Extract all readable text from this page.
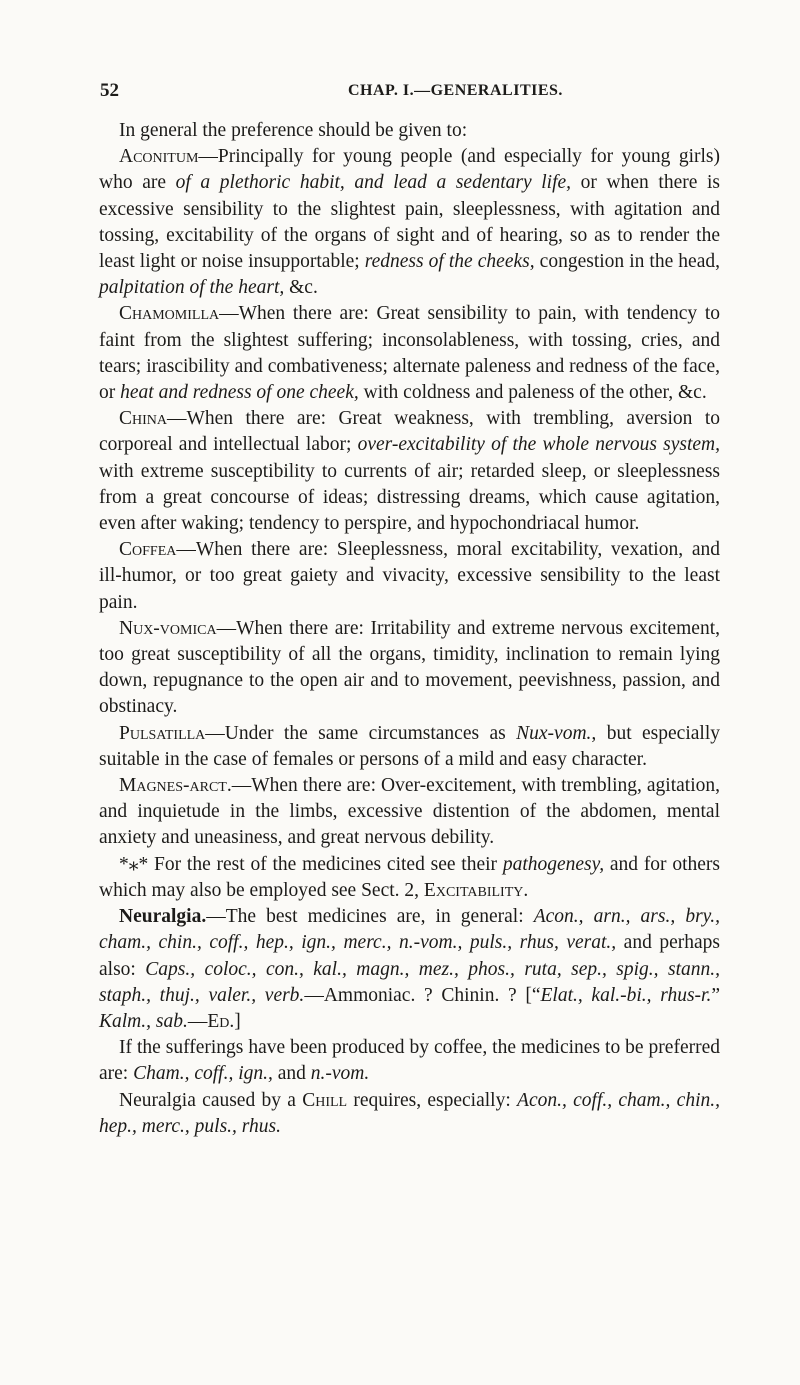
52	CHAP. I.—GENERALITIES.

In general the preference should be given to:

Aconitum—Principally for young people (and especially for young girls) who are of a plethoric habit, and lead a sedentary life, or when there is excessive sensibility to the slightest pain, sleeplessness, with agitation and tossing, excitability of the organs of sight and of hearing, so as to render the least light or noise insupportable; redness of the cheeks, congestion in the head, palpitation of the heart, &c.

Chamomilla—When there are: Great sensibility to pain, with tendency to faint from the slightest suffering; inconsolableness, with tossing, cries, and tears; irascibility and combativeness; alternate paleness and redness of the face, or heat and redness of one cheek, with coldness and paleness of the other, &c.

China—When there are: Great weakness, with trembling, aversion to corporeal and intellectual labor; over-excitability of the whole nervous system, with extreme susceptibility to currents of air; retarded sleep, or sleeplessness from a great concourse of ideas; distressing dreams, which cause agitation, even after waking; tendency to perspire, and hypochondriacal humor.

Coffea—When there are: Sleeplessness, moral excitability, vexation, and ill-humor, or too great gaiety and vivacity, excessive sensibility to the least pain.

Nux-vomica—When there are: Irritability and extreme nervous excitement, too great susceptibility of all the organs, timidity, inclination to remain lying down, repugnance to the open air and to movement, peevishness, passion, and obstinacy.

Pulsatilla—Under the same circumstances as Nux-vom., but especially suitable in the case of females or persons of a mild and easy character.

Magnes-arct.—When there are: Over-excitement, with trembling, agitation, and inquietude in the limbs, excessive distention of the abdomen, mental anxiety and uneasiness, and great nervous debility.

*⁎* For the rest of the medicines cited see their pathogenesy, and for others which may also be employed see Sect. 2, Excitability.

Neuralgia.—The best medicines are, in general: Acon., arn., ars., bry., cham., chin., coff., hep., ign., merc., n.-vom., puls., rhus, verat., and perhaps also: Caps., coloc., con., kal., magn., mez., phos., ruta, sep., spig., stann., staph., thuj., valer., verb.—Ammoniac. ? Chinin. ? [“Elat., kal.-bi., rhus-r.” Kalm., sab.—Ed.]

If the sufferings have been produced by coffee, the medicines to be preferred are: Cham., coff., ign., and n.-vom.

Neuralgia caused by a Chill requires, especially: Acon., coff., cham., chin., hep., merc., puls., rhus.
